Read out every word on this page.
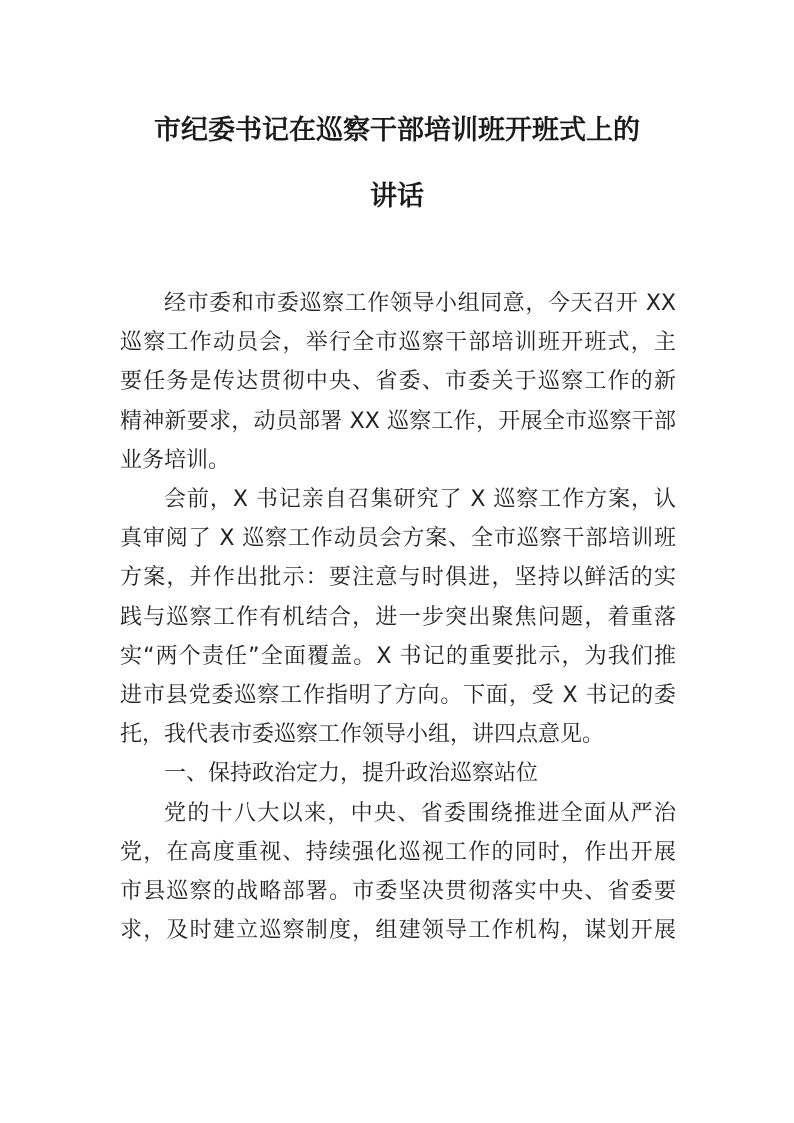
市纪委书记在巡察干部培训班开班式上的
讲话

经市委和市委巡察工作领导小组同意，今天召开 XX
巡察工作动员会，举行全市巡察干部培训班开班式，主
要任务是传达贯彻中央、省委、市委关于巡察工作的新
精神新要求，动员部署 XX 巡察工作，开展全市巡察干部
业务培训。

会前，X 书记亲自召集研究了 X 巡察工作方案，认
真审阅了 X 巡察工作动员会方案、全市巡察干部培训班
方案，并作出批示：要注意与时俱进，坚持以鲜活的实
践与巡察工作有机结合，进一步突出聚焦问题，着重落
实“两个责任”全面覆盖。X 书记的重要批示，为我们推
进市县党委巡察工作指明了方向。下面，受 X 书记的委
托，我代表市委巡察工作领导小组，讲四点意见。

一、保持政治定力，提升政治巡察站位

党的十八大以来，中央、省委围绕推进全面从严治
党，在高度重视、持续强化巡视工作的同时，作出开展
市县巡察的战略部署。市委坚决贯彻落实中央、省委要
求，及时建立巡察制度，组建领导工作机构，谋划开展
